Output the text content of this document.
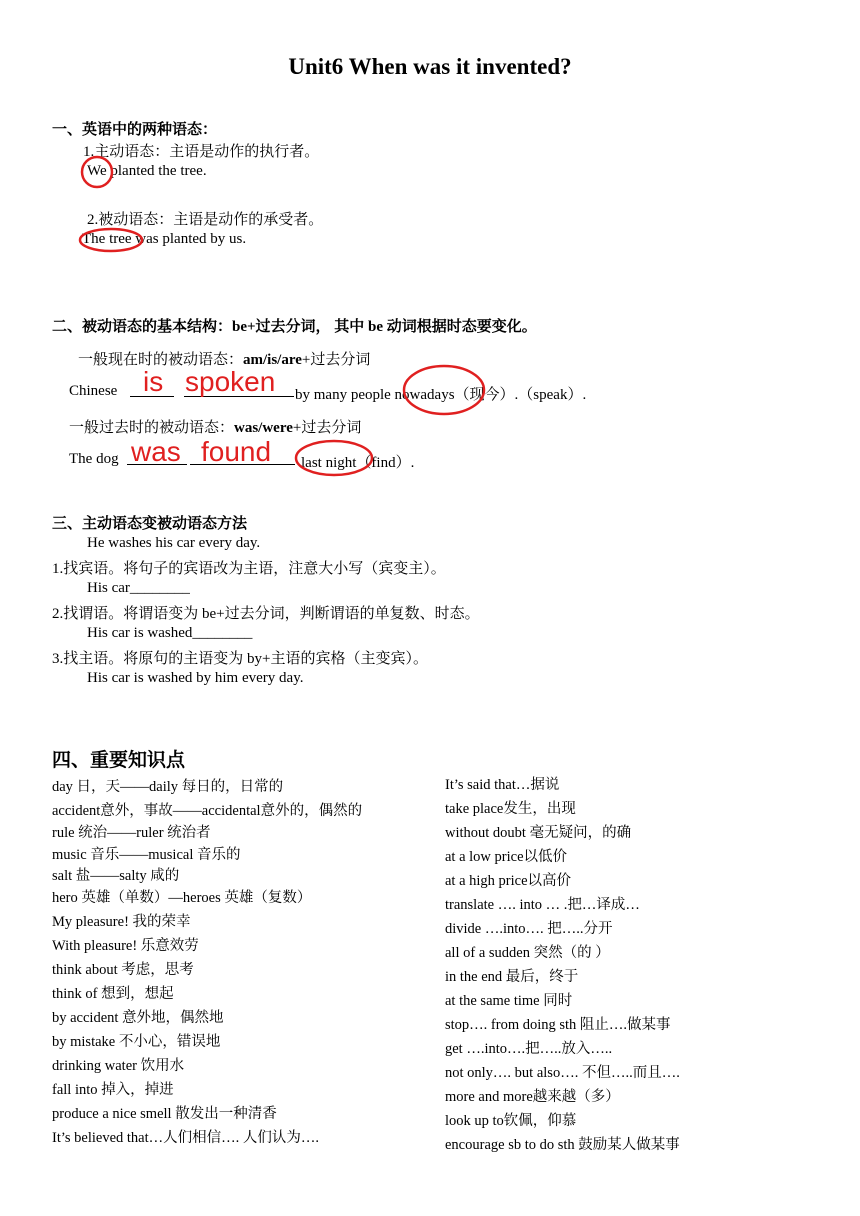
Unit6 When was it invented?
一、英语中的两种语态：
1.主动语态：主语是动作的执行者。
We planted the tree.
2.被动语态：主语是动作的承受者。
The tree was planted by us.
二、被动语态的基本结构：be+过去分词， 其中 be 动词根据时态要变化。
一般现在时的被动语态：am/is/are+过去分词
Chinese is spoken by many people nowadays（现今）.（speak）.
一般过去时的被动语态：was/were+过去分词
The dog was found last night（find）.
三、主动语态变被动语态方法
He washes his car every day.
1.找宾语。将句子的宾语改为主语，注意大小写（宾变主）。
His car________
2.找谓语。将谓语变为 be+过去分词，判断谓语的单复数、时态。
His car is washed________
3.找主语。将原句的主语变为 by+主语的宾格（主变宾）。
His car is washed by him every day.
四、重要知识点
day 日，天——daily 每日的，日常的
accident意外，事故——accidental意外的，偶然的
rule 统治——ruler 统治者
music 音乐——musical 音乐的
salt 盐——salty 咸的
hero 英雄（单数）—heroes 英雄（复数）
My pleasure! 我的荣幸
With pleasure! 乐意效劳
think about 考虑，思考
think of 想到，想起
by accident 意外地，偶然地
by mistake 不小心，错误地
drinking water 饮用水
fall into 掉入，掉进
produce a nice smell 散发出一种清香
It’s believed that…人们相信…. 人们认为….
It’s said that…据说
take place发生，出现
without doubt 毫无疑问，的确
at a low price以低价
at a high price以高价
translate …. into … .把…译成…
divide ….into…. 把…..分开
all of a sudden 突然（的 ）
in the end 最后，终于
at the same time 同时
stop…. from doing sth 阻止….做某事
get ….into….把…..放入…..
not only…. but also…. 不但…..而且….
more and more越来越（多）
look up to钦佩，仰慕
encourage sb to do sth 鼓励某人做某事
